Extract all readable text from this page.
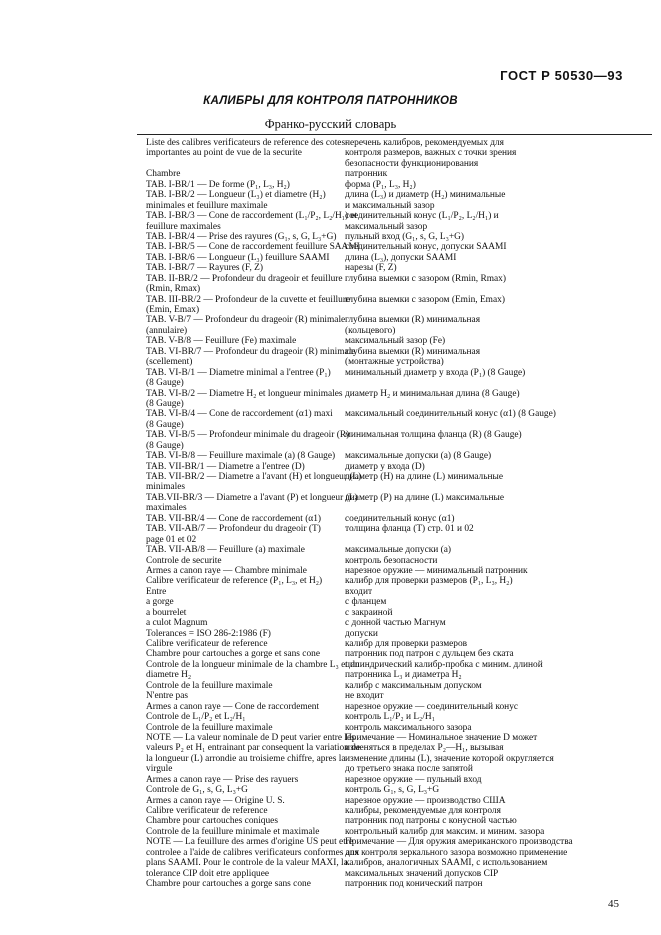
ГОСТ Р 50530—93
КАЛИБРЫ ДЛЯ КОНТРОЛЯ ПАТРОННИКОВ
Франко-русский словарь
Liste des calibres verificateurs de reference des cotes-
importantes au point de vue de la securite
Chambre
TAB. I-BR/1 — De forme (P₁, L₃, H₂)
TAB. I-BR/2 — Longueur (L₃) et diametre (H₂)
minimales et feuillure maximale
TAB. I-BR/3 — Cone de raccordement (L₁/P₂, L₂/H₁) et
feuillure maximales
TAB. I-BR/4 — Prise des rayures (G₁, s, G, L₃+G)
TAB. I-BR/5 — Cone de raccordement feuillure SAAMI
TAB. I-BR/6 — Longueur (L₃) feuillure SAAMI
TAB. I-BR/7 — Rayures (F, Z)
TAB. II-BR/2 — Profondeur du drageoir et feuillure
(Rmin, Rmax)
TAB. III-BR/2 — Profondeur de la cuvette et feuillure
(Emin, Emax)
TAB. V-B/7 — Profondeur du drageoir (R) minimale
(annulaire)
TAB. V-B/8 — Feuillure (Fe) maximale
TAB. VI-BR/7 — Profondeur du drageoir (R) minimale
(scellement)
TAB. VI-B/1 — Diametre minimal a l'entree (P₁)
(8 Gauge)
TAB. VI-B/2 — Diametre H₂ et longueur minimales
(8 Gauge)
TAB. VI-B/4 — Cone de raccordement (α1) maxi
(8 Gauge)
TAB. VI-B/5 — Profondeur minimale du drageoir (R)
(8 Gauge)
TAB. VI-B/8 — Feuillure maximale (a) (8 Gauge)
TAB. VII-BR/1 — Diametre a l'entree (D)
TAB. VII-BR/2 — Diametre a l'avant (H) et longueur (L)
minimales
TAB.VII-BR/3 — Diametre a l'avant (P) et longueur (L)
maximales
TAB. VII-BR/4 — Cone de raccordement (α1)
TAB. VII-AB/7 — Profondeur du drageoir (T)
page 01 et 02
TAB. VII-AB/8 — Feuillure (a) maximale
Controle de securite
Armes a canon raye — Chambre minimale
Calibre verificateur de reference (P₁, L₃, et H₂)
Entre
a gorge
a bourrelet
a culot Magnum
Tolerances = ISO 286-2:1986 (F)
Calibre verificateur de reference
Chambre pour cartouches a gorge et sans cone
Controle de la longueur minimale de la chambre L₃ et du
diametre H₂
Controle de la feuillure maximale
N'entre pas
Armes a canon raye — Cone de raccordement
Controle de L₁/P₂ et L₂/H₁
Controle de la feuillure maximale
NOTE — La valeur nominale de D peut varier entre les
valeurs P₂ et H₁ entrainant par consequent la variation de
la longueur (L) arrondie au troisieme chiffre, apres la
virgule
Armes a canon raye — Prise des rayuers
Controle de G₁, s, G, L₃+G
Armes a canon raye — Origine U. S.
Calibre verificateur de reference
Chambre pour cartouches coniques
Controle de la feuillure minimale et maximale
NOTE — La feuillure des armes d'origine US peut etre
controlee a l'aide de calibres verificateurs conformes aux
plans SAAMI. Pour le controle de la valeur MAXI, la
tolerance CIP doit etre appliquee
Chambre pour cartouches a gorge sans cone
перечень калибров, рекомендуемых для
контроля размеров, важных с точки зрения
безопасности функционирования
патронник
форма (P₁, L₃, H₂)
длина (L₃) и диаметр (H₂) минимальные
и максимальный зазор
соединительный конус (L₁/P₂, L₂/H₁) и
максимальный зазор
пульный вход (G₁, s, G, L₃+G)
соединительный конус, допуски SAAMI
длина (L₃), допуски SAAMI
нарезы (F, Z)
глубина выемки с зазором (Rmin, Rmax)
глубина выемки с зазором (Emin, Emax)
глубина выемки (R) минимальная
(кольцевого)
максимальный зазор (Fe)
глубина выемки (R) минимальная
(монтажные устройства)
минимальный диаметр у входа (P₁) (8 Gauge)
диаметр H₂ и минимальная длина (8 Gauge)
максимальный соединительный конус (α1) (8 Gauge)
минимальная толщина фланца (R) (8 Gauge)
максимальные допуски (а) (8 Gauge)
диаметр у входа (D)
диаметр (H) на длине (L) минимальные
диаметр (P) на длине (L) максимальные
соединительный конус (α1)
толщина фланца (T) стр. 01 и 02
максимальные допуски (a)
контроль безопасности
нарезное оружие — минимальный патронник
калибр для проверки размеров (P₁, L₃, H₂)
входит
с фланцем
с закраиной
с донной частью Магнум
допуски
калибр для проверки размеров
патронник под патрон с дульцем без ската
цилиндрический калибр-пробка с миним. длиной
патронника L₃ и диаметра H₂
калибр с максимальным допуском
не входит
нарезное оружие — соединительный конус
контроль L₁/P₂ и L₂/H₁
контроль максимального зазора
Примечание — Номинальное значение D может
изменяться в пределах P₂—H₁, вызывая
изменение длины (L), значение которой округляется
до третьего знака после запятой
нарезное оружие — пульный вход
контроль G₁, s, G, L₃+G
нарезное оружие — производство США
калибры, рекомендуемые для контроля
патронник под патроны с конусной частью
контрольный калибр для максим. и миним. зазора
Примечание — Для оружия американского производства
для контроля зеркального зазора возможно применение
калибров, аналогичных SAAMI, с использованием
максимальных значений допусков CIP
патронник под конический патрон
45
